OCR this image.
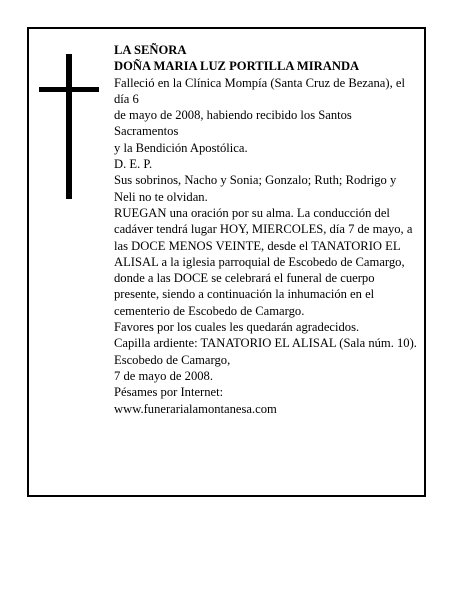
LA SEÑORA
DOÑA MARIA LUZ PORTILLA MIRANDA
Falleció en la Clínica Mompía (Santa Cruz de Bezana), el día 6
de mayo de 2008, habiendo recibido los Santos Sacramentos
y la Bendición Apostólica.
D. E. P.
Sus sobrinos, Nacho y Sonia; Gonzalo; Ruth; Rodrigo y Neli no te olvidan.
RUEGAN una oración por su alma. La conducción del cadáver tendrá lugar HOY, MIERCOLES, día 7 de mayo, a las DOCE MENOS VEINTE, desde el TANATORIO EL ALISAL a la iglesia parroquial de Escobedo de Camargo, donde a las DOCE se celebrará el funeral de cuerpo presente, siendo a continuación la inhumación en el cementerio de Escobedo de Camargo.
Favores por los cuales les quedarán agradecidos.
Capilla ardiente: TANATORIO EL ALISAL (Sala núm. 10).
Escobedo de Camargo,
7 de mayo de 2008.
Pésames por Internet:
www.funerarialamontanesa.com
